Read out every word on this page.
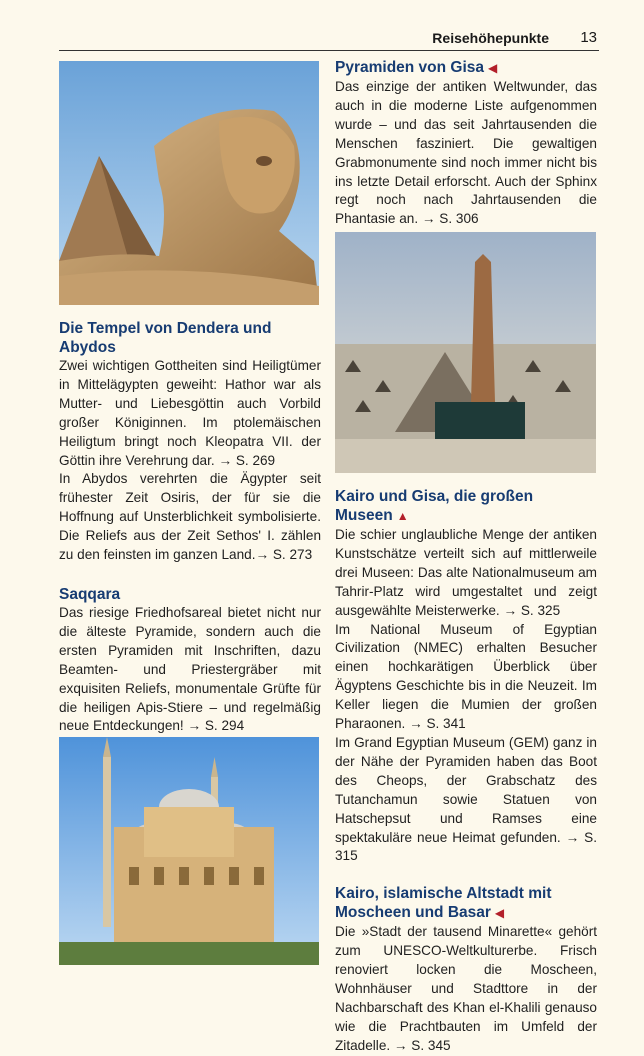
Reisehöhepunkte 13
Die Tempel von Dendera und Abydos

Zwei wichtigen Gottheiten sind Heiligtümer in Mittelägypten geweiht: Hathor war als Mutter- und Liebesgöttin auch Vorbild großer Königinnen. Im ptolemäischen Heiligtum bringt noch Kleopatra VII. der Göttin ihre Verehrung dar. → S. 269

In Abydos verehrten die Ägypter seit frühester Zeit Osiris, der für sie die Hoffnung auf Unsterblichkeit symbolisierte. Die Reliefs aus der Zeit Sethos' I. zählen zu den feinsten im ganzen Land.→ S. 273

Saqqara

Das riesige Friedhofsareal bietet nicht nur die älteste Pyramide, sondern auch die ersten Pyramiden mit Inschriften, dazu Beamten- und Priestergräber mit exquisiten Reliefs, monumentale Grüfte für die heiligen Apis-Stiere – und regelmäßig neue Entdeckungen! → S. 294

Pyramiden von Gisa ◀

Das einzige der antiken Weltwunder, das auch in die moderne Liste aufgenommen wurde – und das seit Jahrtausenden die Menschen fasziniert. Die gewaltigen Grabmonumente sind noch immer nicht bis ins letzte Detail erforscht. Auch der Sphinx regt noch nach Jahrtausenden die Phantasie an. → S. 306

Kairo und Gisa, die großen Museen ▲

Die schier unglaubliche Menge der antiken Kunstschätze verteilt sich auf mittlerweile drei Museen: Das alte Nationalmuseum am Tahrir-Platz wird umgestaltet und zeigt ausgewählte Meisterwerke. → S. 325

Im National Museum of Egyptian Civilization (NMEC) erhalten Besucher einen hochkarätigen Überblick über Ägyptens Geschichte bis in die Neuzeit. Im Keller liegen die Mumien der großen Pharaonen. → S. 341

Im Grand Egyptian Museum (GEM) ganz in der Nähe der Pyramiden haben das Boot des Cheops, der Grabschatz des Tutanchamun sowie Statuen von Hatschepsut und Ramses eine spektakuläre neue Heimat gefunden. → S. 315

Kairo, islamische Altstadt mit Moscheen und Basar ◀

Die »Stadt der tausend Minarette« gehört zum UNESCO-Weltkulturerbe. Frisch renoviert locken die Moscheen, Wohnhäuser und Stadttore in der Nachbarschaft des Khan el-Khalili genauso wie die Prachtbauten im Umfeld der Zitadelle. → S. 345
